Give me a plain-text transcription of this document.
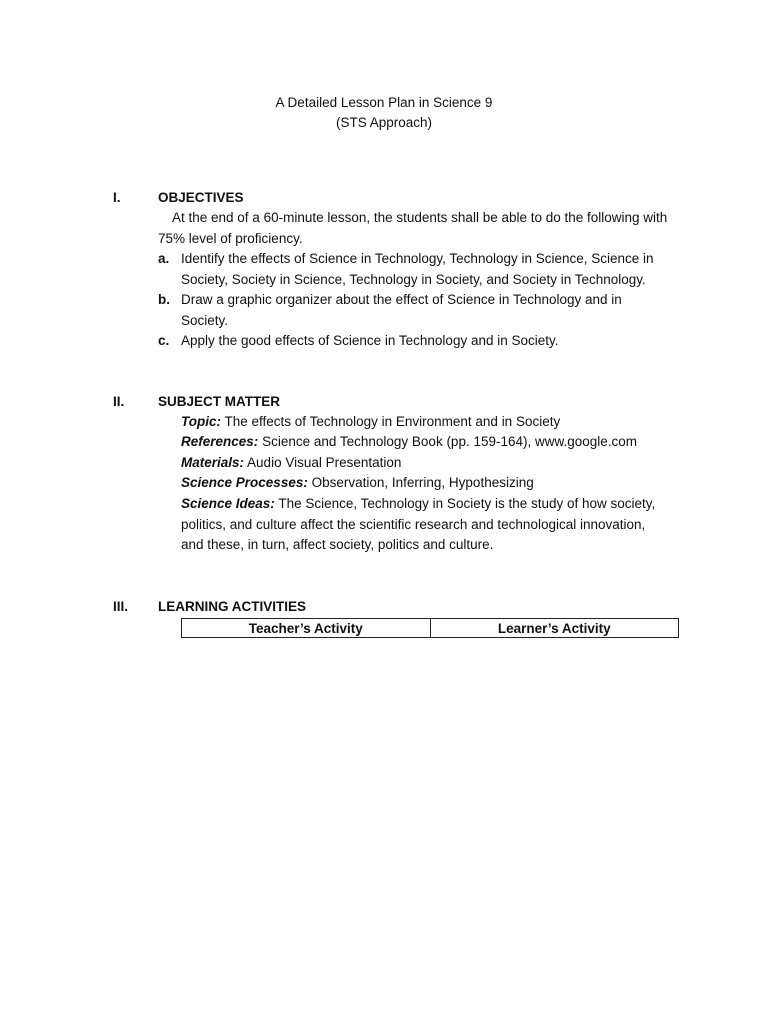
A Detailed Lesson Plan in Science 9
(STS Approach)
I.	OBJECTIVES
At the end of a 60-minute lesson, the students shall be able to do the following with 75% level of proficiency.
a. Identify the effects of Science in Technology, Technology in Science, Science in Society, Society in Science, Technology in Society, and Society in Technology.
b. Draw a graphic organizer about the effect of Science in Technology and in Society.
c. Apply the good effects of Science in Technology and in Society.
II. SUBJECT MATTER
Topic: The effects of Technology in Environment and in Society
References: Science and Technology Book (pp. 159-164), www.google.com
Materials: Audio Visual Presentation
Science Processes: Observation, Inferring, Hypothesizing
Science Ideas: The Science, Technology in Society is the study of how society, politics, and culture affect the scientific research and technological innovation, and these, in turn, affect society, politics and culture.
III. LEARNING ACTIVITIES
Teacher’s Activity	Learner’s Activity
